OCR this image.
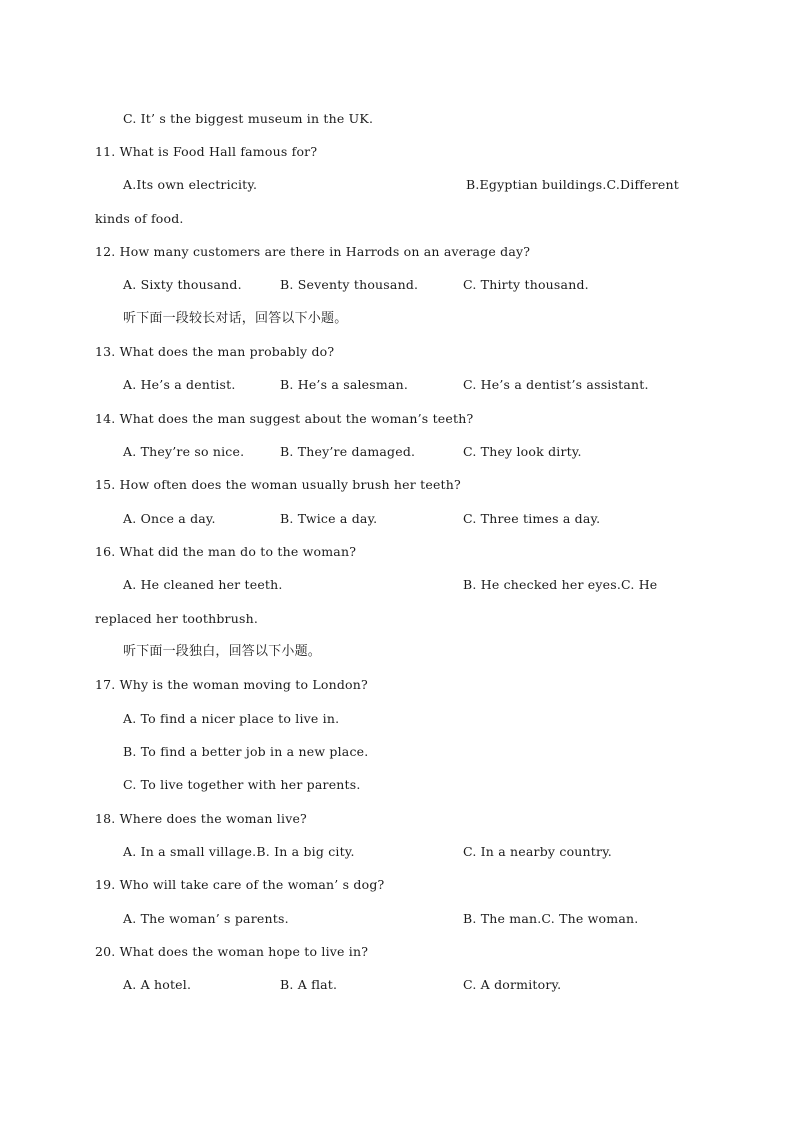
C. It’ s the biggest museum in the UK.
11. What is Food Hall famous for?
A.Its own electricity.	B.Egyptian buildings.C.Different
kinds of food.
12. How many customers are there in Harrods on an average day?
A. Sixty thousand.	B. Seventy thousand.	C. Thirty thousand.
听下面一段较长对话，回答以下小题。
13. What does the man probably do?
A. He’s a dentist.	B. He’s a salesman.	C. He’s a dentist’s assistant.
14. What does the man suggest about the woman’s teeth?
A. They’re so nice.	B. They’re damaged.	C. They look dirty.
15. How often does the woman usually brush her teeth?
A. Once a day.	B. Twice a day.	C. Three times a day.
16. What did the man do to the woman?
A. He cleaned her teeth.	B. He checked her eyes.C. He
replaced her toothbrush.
听下面一段独白，回答以下小题。
17. Why is the woman moving to London?
A. To find a nicer place to live in.
B. To find a better job in a new place.
C. To live together with her parents.
18. Where does the woman live?
A. In a small village.B. In a big city.	C. In a nearby country.
19. Who will take care of the woman’ s dog?
A. The woman’ s parents.	B. The man.C. The woman.
20. What does the woman hope to live in?
A. A hotel.	B. A flat.	C. A dormitory.
